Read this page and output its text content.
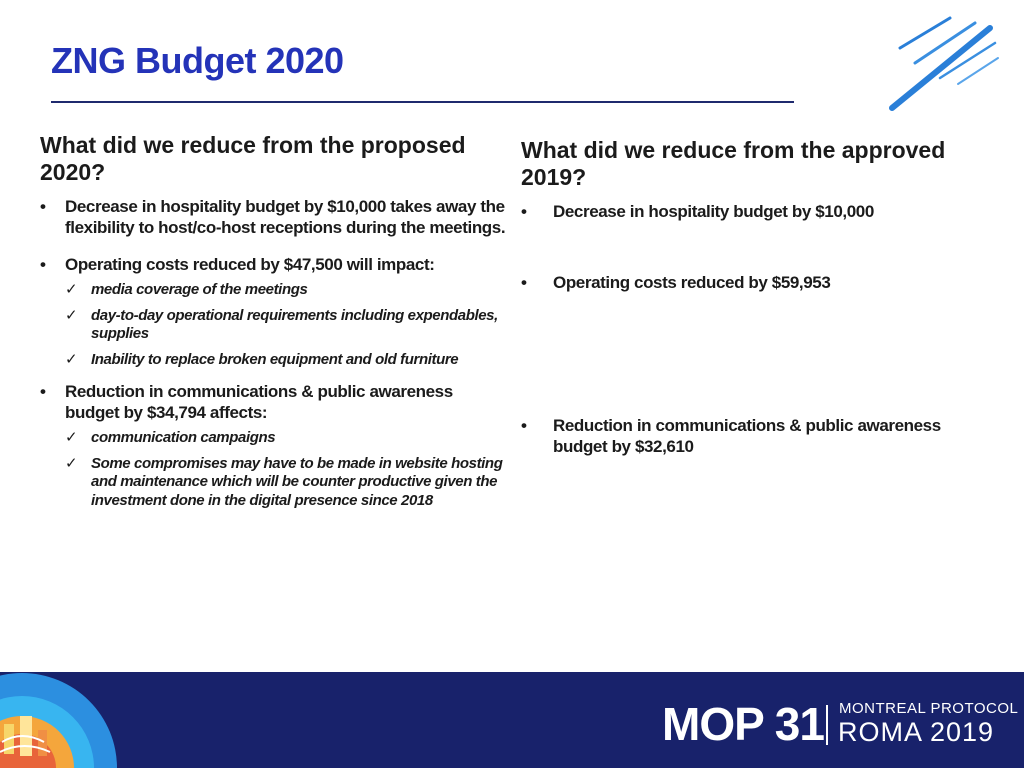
ZNG Budget 2020
What did we reduce from the proposed 2020?
• Decrease in hospitality budget by $10,000 takes away the flexibility to host/co-host receptions during the meetings.
• Operating costs reduced by $47,500 will impact:
✓ media coverage of the meetings
✓ day-to-day operational requirements including expendables, supplies
✓ Inability to replace broken equipment and old furniture
• Reduction in communications & public awareness budget by $34,794 affects:
✓ communication campaigns
✓ Some compromises may have to be made in website hosting and maintenance which will be counter productive given the investment done in the digital presence since 2018
What did we reduce from the approved 2019?
• Decrease in hospitality budget by $10,000
• Operating costs reduced by $59,953
• Reduction in communications & public awareness budget by $32,610
MOP 31 MONTREAL PROTOCOL
ROMA 2019
